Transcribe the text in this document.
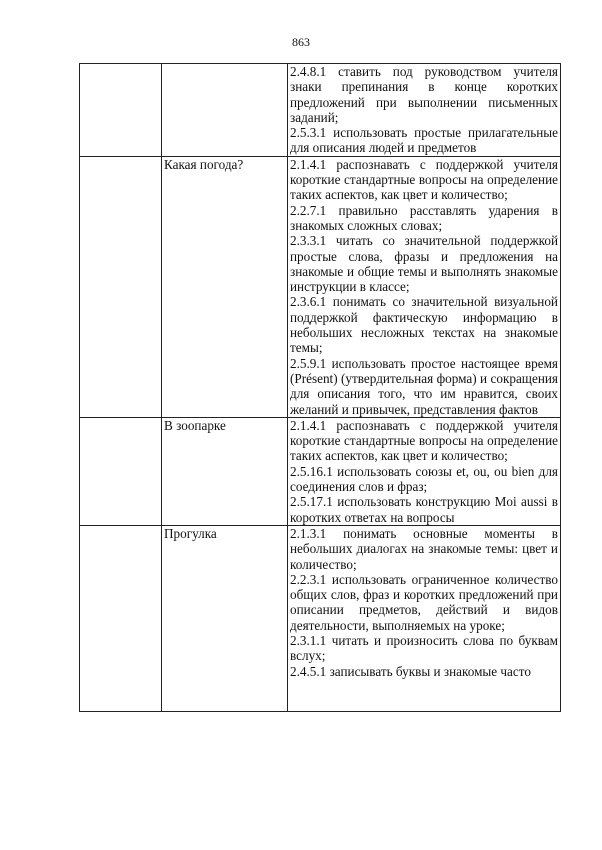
863

		2.4.8.1 ставить под руководством учителя знаки препинания в конце коротких предложений при выполнении письменных заданий;

2.5.3.1 использовать простые прилагательные для описания людей и предметов

	Какая погода?	2.1.4.1 распознавать с поддержкой учителя короткие стандартные вопросы на определение таких аспектов, как цвет и количество;

2.2.7.1 правильно расставлять ударения в знакомых сложных словах;

2.3.3.1 читать со значительной поддержкой простые слова, фразы и предложения на знакомые и общие темы и выполнять знакомые инструкции в классе;

2.3.6.1 понимать со значительной визуальной поддержкой фактическую информацию в небольших несложных текстах на знакомые темы;

2.5.9.1 использовать простое настоящее время (Présent) (утвердительная форма) и сокращения для описания того, что им нравится, своих желаний и привычек, представления фактов

	В зоопарке	2.1.4.1 распознавать с поддержкой учителя короткие стандартные вопросы на определение таких аспектов, как цвет и количество;

2.5.16.1 использовать союзы et, ou, ou bien для соединения слов и фраз;

2.5.17.1 использовать конструкцию Moi aussi в коротких ответах на вопросы

	Прогулка	2.1.3.1 понимать основные моменты в небольших диалогах на знакомые темы: цвет и количество;

2.2.3.1 использовать ограниченное количество общих слов, фраз и коротких предложений при описании предметов, действий и видов деятельности, выполняемых на уроке;

2.3.1.1 читать и произносить слова по буквам вслух;

2.4.5.1 записывать буквы и знакомые часто
